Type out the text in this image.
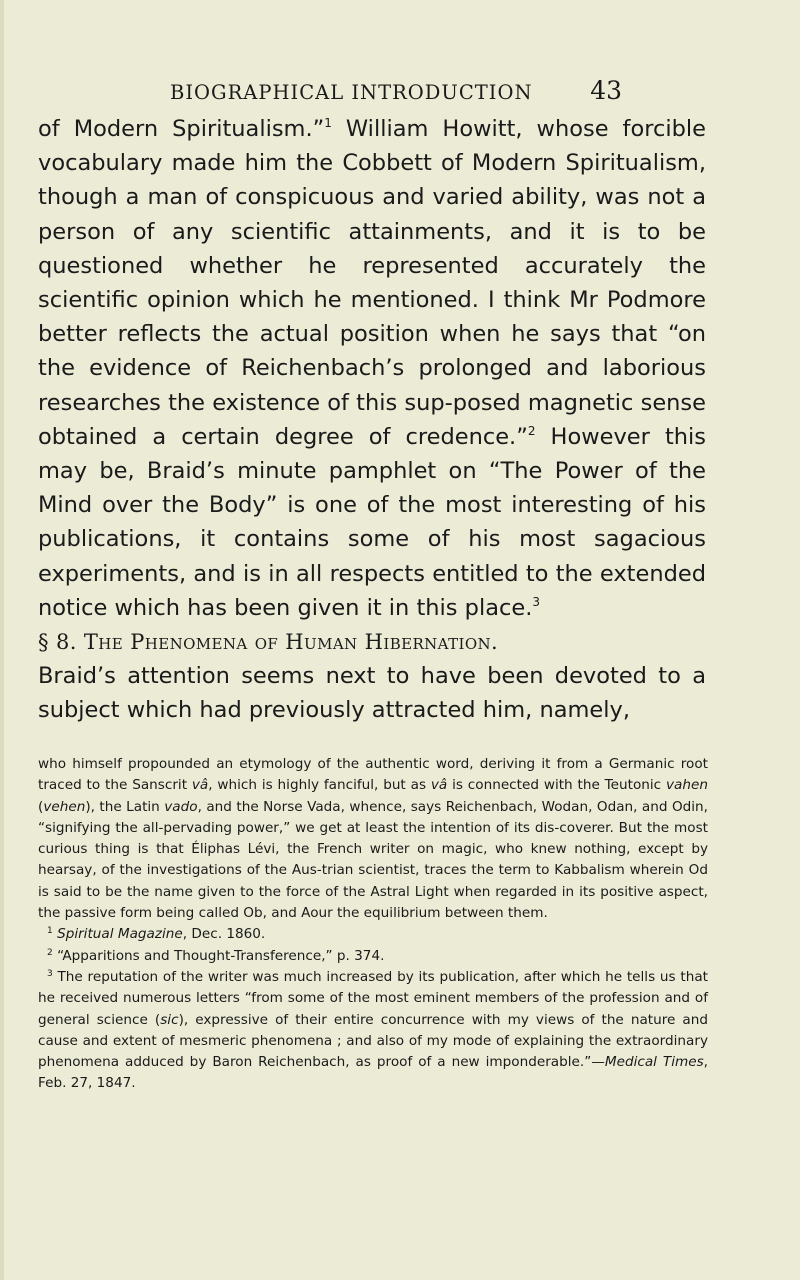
BIOGRAPHICAL INTRODUCTION 43

of Modern Spiritualism.”$^1$ William Howitt, whose forcible vocabulary made him the Cobbett of Modern Spiritualism, though a man of conspicuous and varied ability, was not a person of any scientific attainments, and it is to be questioned whether he represented accurately the scientific opinion which he mentioned. I think Mr Podmore better reflects the actual position when he says that “on the evidence of Reichenbach’s prolonged and laborious researches the existence of this sup-posed magnetic sense obtained a certain degree of credence.”$^2$ However this may be, Braid’s minute pamphlet on “The Power of the Mind over the Body” is one of the most interesting of his publications, it contains some of his most sagacious experiments, and is in all respects entitled to the extended notice which has been given it in this place.$^3$

§ 8. The Phenomena of Human Hibernation.

Braid’s attention seems next to have been devoted to a subject which had previously attracted him, namely,

who himself propounded an etymology of the authentic word, deriving it from a Germanic root traced to the Sanscrit vâ, which is highly fanciful, but as vâ is connected with the Teutonic vahen (vehen), the Latin vado, and the Norse Vada, whence, says Reichenbach, Wodan, Odan, and Odin, “signifying the all-pervading power,” we get at least the intention of its dis-coverer. But the most curious thing is that Éliphas Lévi, the French writer on magic, who knew nothing, except by hearsay, of the investigations of the Aus-trian scientist, traces the term to Kabbalism wherein Od is said to be the name given to the force of the Astral Light when regarded in its positive aspect, the passive form being called Ob, and Aour the equilibrium between them.

$^1$ Spiritual Magazine, Dec. 1860.

$^2$ “Apparitions and Thought-Transference,” p. 374.

$^3$ The reputation of the writer was much increased by its publication, after which he tells us that he received numerous letters “from some of the most eminent members of the profession and of general science (sic), expressive of their entire concurrence with my views of the nature and cause and extent of mesmeric phenomena ; and also of my mode of explaining the extraordinary phenomena adduced by Baron Reichenbach, as proof of a new imponderable.”—Medical Times, Feb. 27, 1847.
